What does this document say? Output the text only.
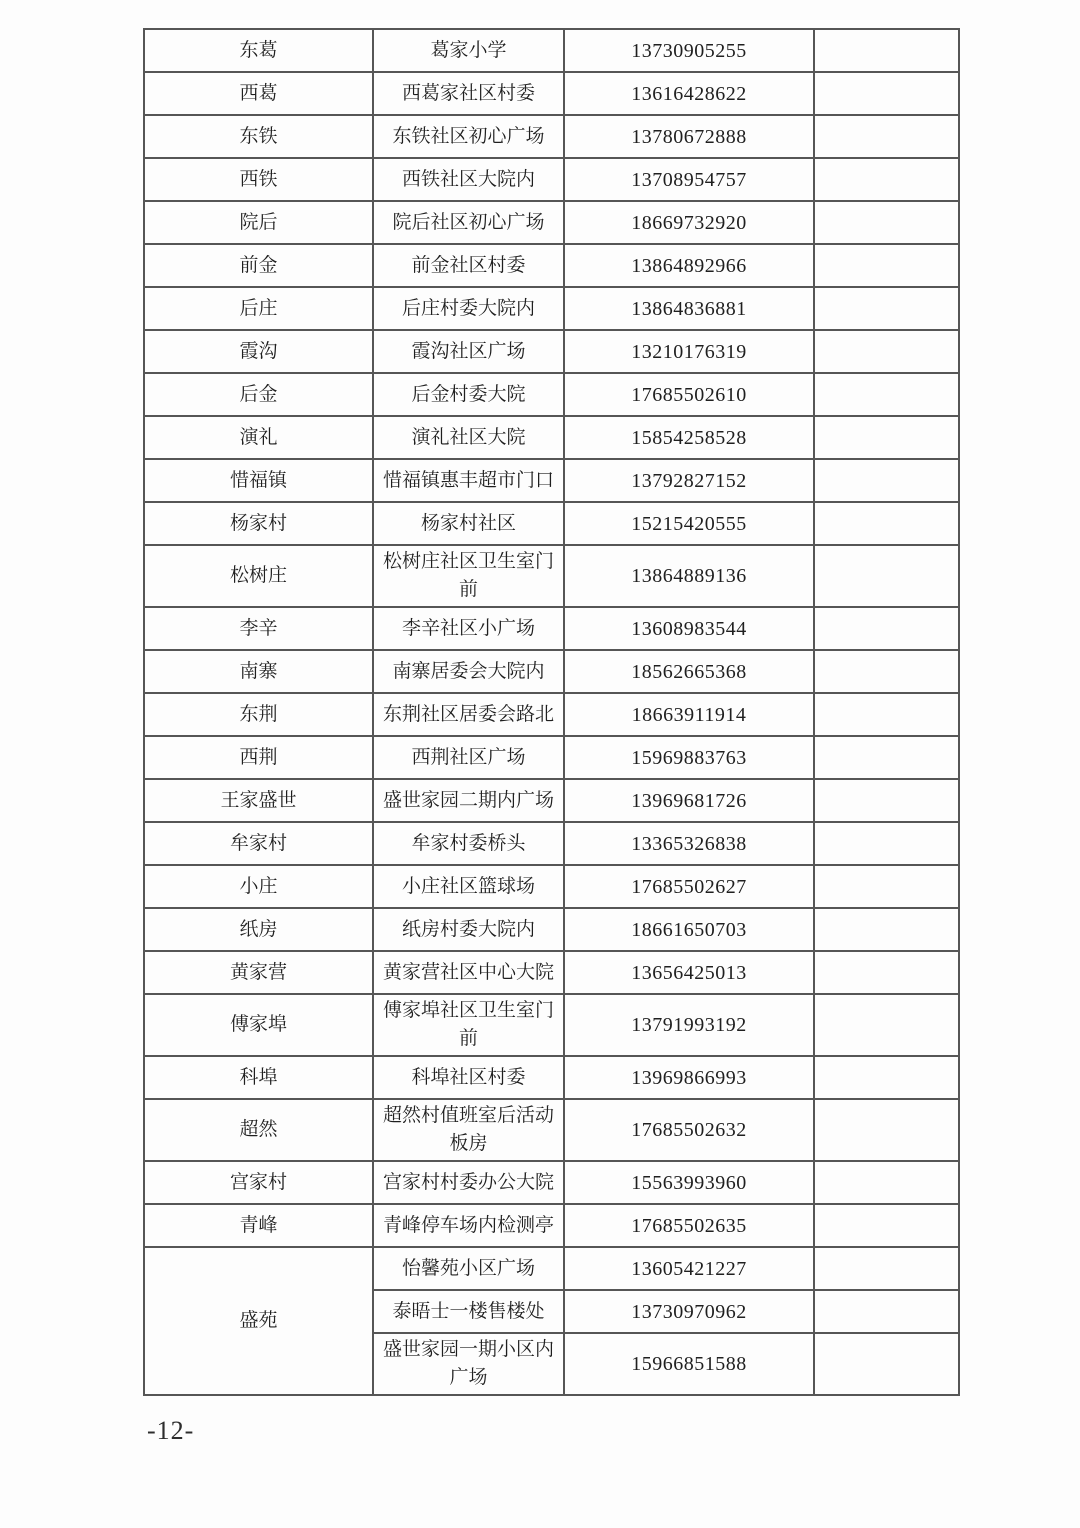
东葛	葛家小学	13730905255	
西葛	西葛家社区村委	13616428622	
东铁	东铁社区初心广场	13780672888	
西铁	西铁社区大院内	13708954757	
院后	院后社区初心广场	18669732920	
前金	前金社区村委	13864892966	
后庄	后庄村委大院内	13864836881	
霞沟	霞沟社区广场	13210176319	
后金	后金村委大院	17685502610	
演礼	演礼社区大院	15854258528	
惜福镇	惜福镇惠丰超市门口	13792827152	
杨家村	杨家村社区	15215420555	
松树庄	松树庄社区卫生室门前	13864889136	
李辛	李辛社区小广场	13608983544	
南寨	南寨居委会大院内	18562665368	
东荆	东荆社区居委会路北	18663911914	
西荆	西荆社区广场	15969883763	
王家盛世	盛世家园二期内广场	13969681726	
牟家村	牟家村委桥头	13365326838	
小庄	小庄社区篮球场	17685502627	
纸房	纸房村委大院内	18661650703	
黄家营	黄家营社区中心大院	13656425013	
傅家埠	傅家埠社区卫生室门前	13791993192	
科埠	科埠社区村委	13969866993	
超然	超然村值班室后活动板房	17685502632	
宫家村	宫家村村委办公大院	15563993960	
青峰	青峰停车场内检测亭	17685502635	
盛苑	怡馨苑小区广场	13605421227	
	泰晤士一楼售楼处	13730970962	
	盛世家园一期小区内广场	15966851588	
-12-
